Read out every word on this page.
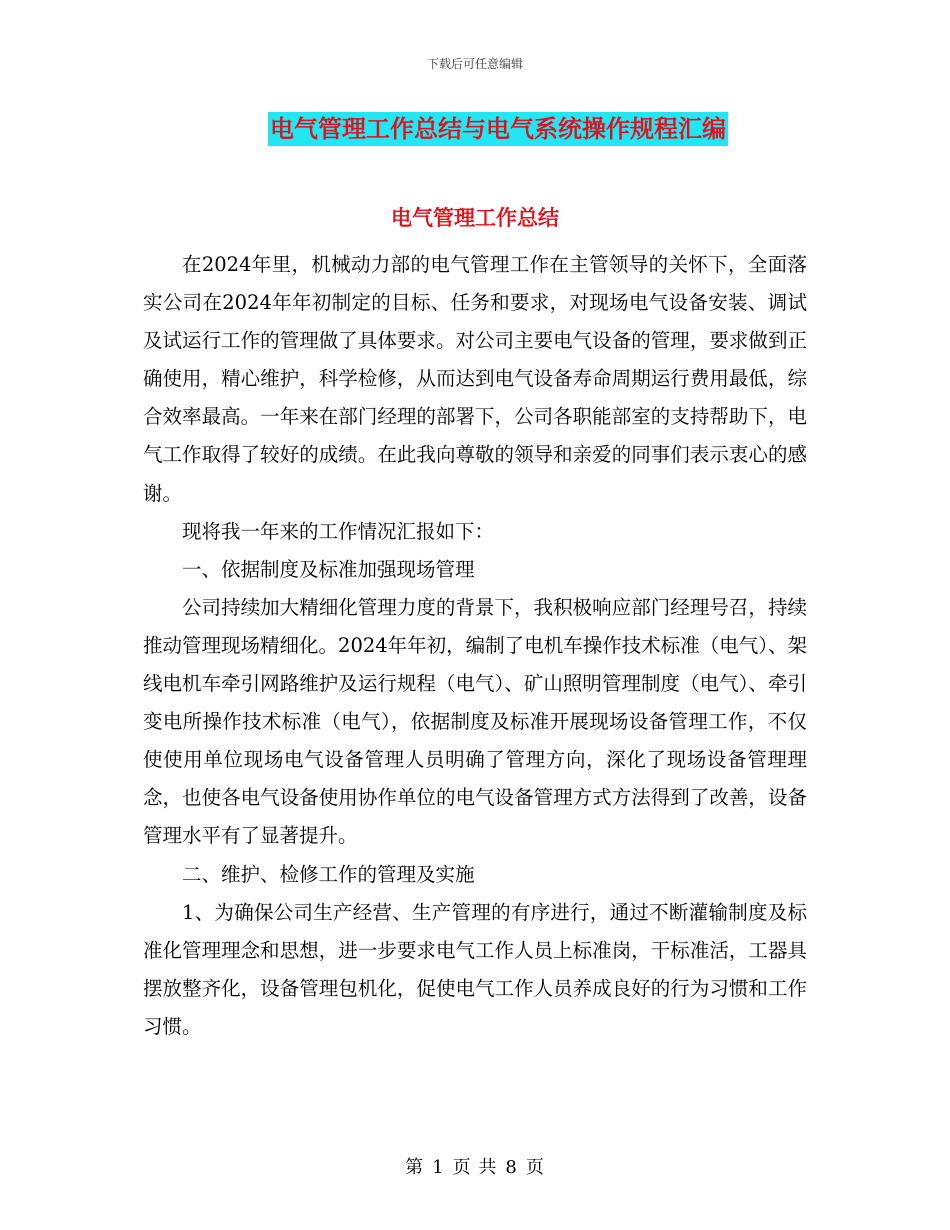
下载后可任意编辑
电气管理工作总结与电气系统操作规程汇编
电气管理工作总结

在2024年里，机械动力部的电气管理工作在主管领导的关怀下，全面落实公司在2024年年初制定的目标、任务和要求，对现场电气设备安装、调试及试运行工作的管理做了具体要求。对公司主要电气设备的管理，要求做到正确使用，精心维护，科学检修，从而达到电气设备寿命周期运行费用最低，综合效率最高。一年来在部门经理的部署下，公司各职能部室的支持帮助下，电气工作取得了较好的成绩。在此我向尊敬的领导和亲爱的同事们表示衷心的感谢。

现将我一年来的工作情况汇报如下：

一、依据制度及标准加强现场管理

公司持续加大精细化管理力度的背景下，我积极响应部门经理号召，持续推动管理现场精细化。2024年年初，编制了电机车操作技术标准（电气）、架线电机车牵引网路维护及运行规程（电气）、矿山照明管理制度（电气）、牵引变电所操作技术标准（电气），依据制度及标准开展现场设备管理工作，不仅使使用单位现场电气设备管理人员明确了管理方向，深化了现场设备管理理念，也使各电气设备使用协作单位的电气设备管理方式方法得到了改善，设备管理水平有了显著提升。

二、维护、检修工作的管理及实施

1、为确保公司生产经营、生产管理的有序进行，通过不断灌输制度及标准化管理理念和思想，进一步要求电气工作人员上标准岗，干标准活，工器具摆放整齐化，设备管理包机化，促使电气工作人员养成良好的行为习惯和工作习惯。

第 1 页 共 8 页
